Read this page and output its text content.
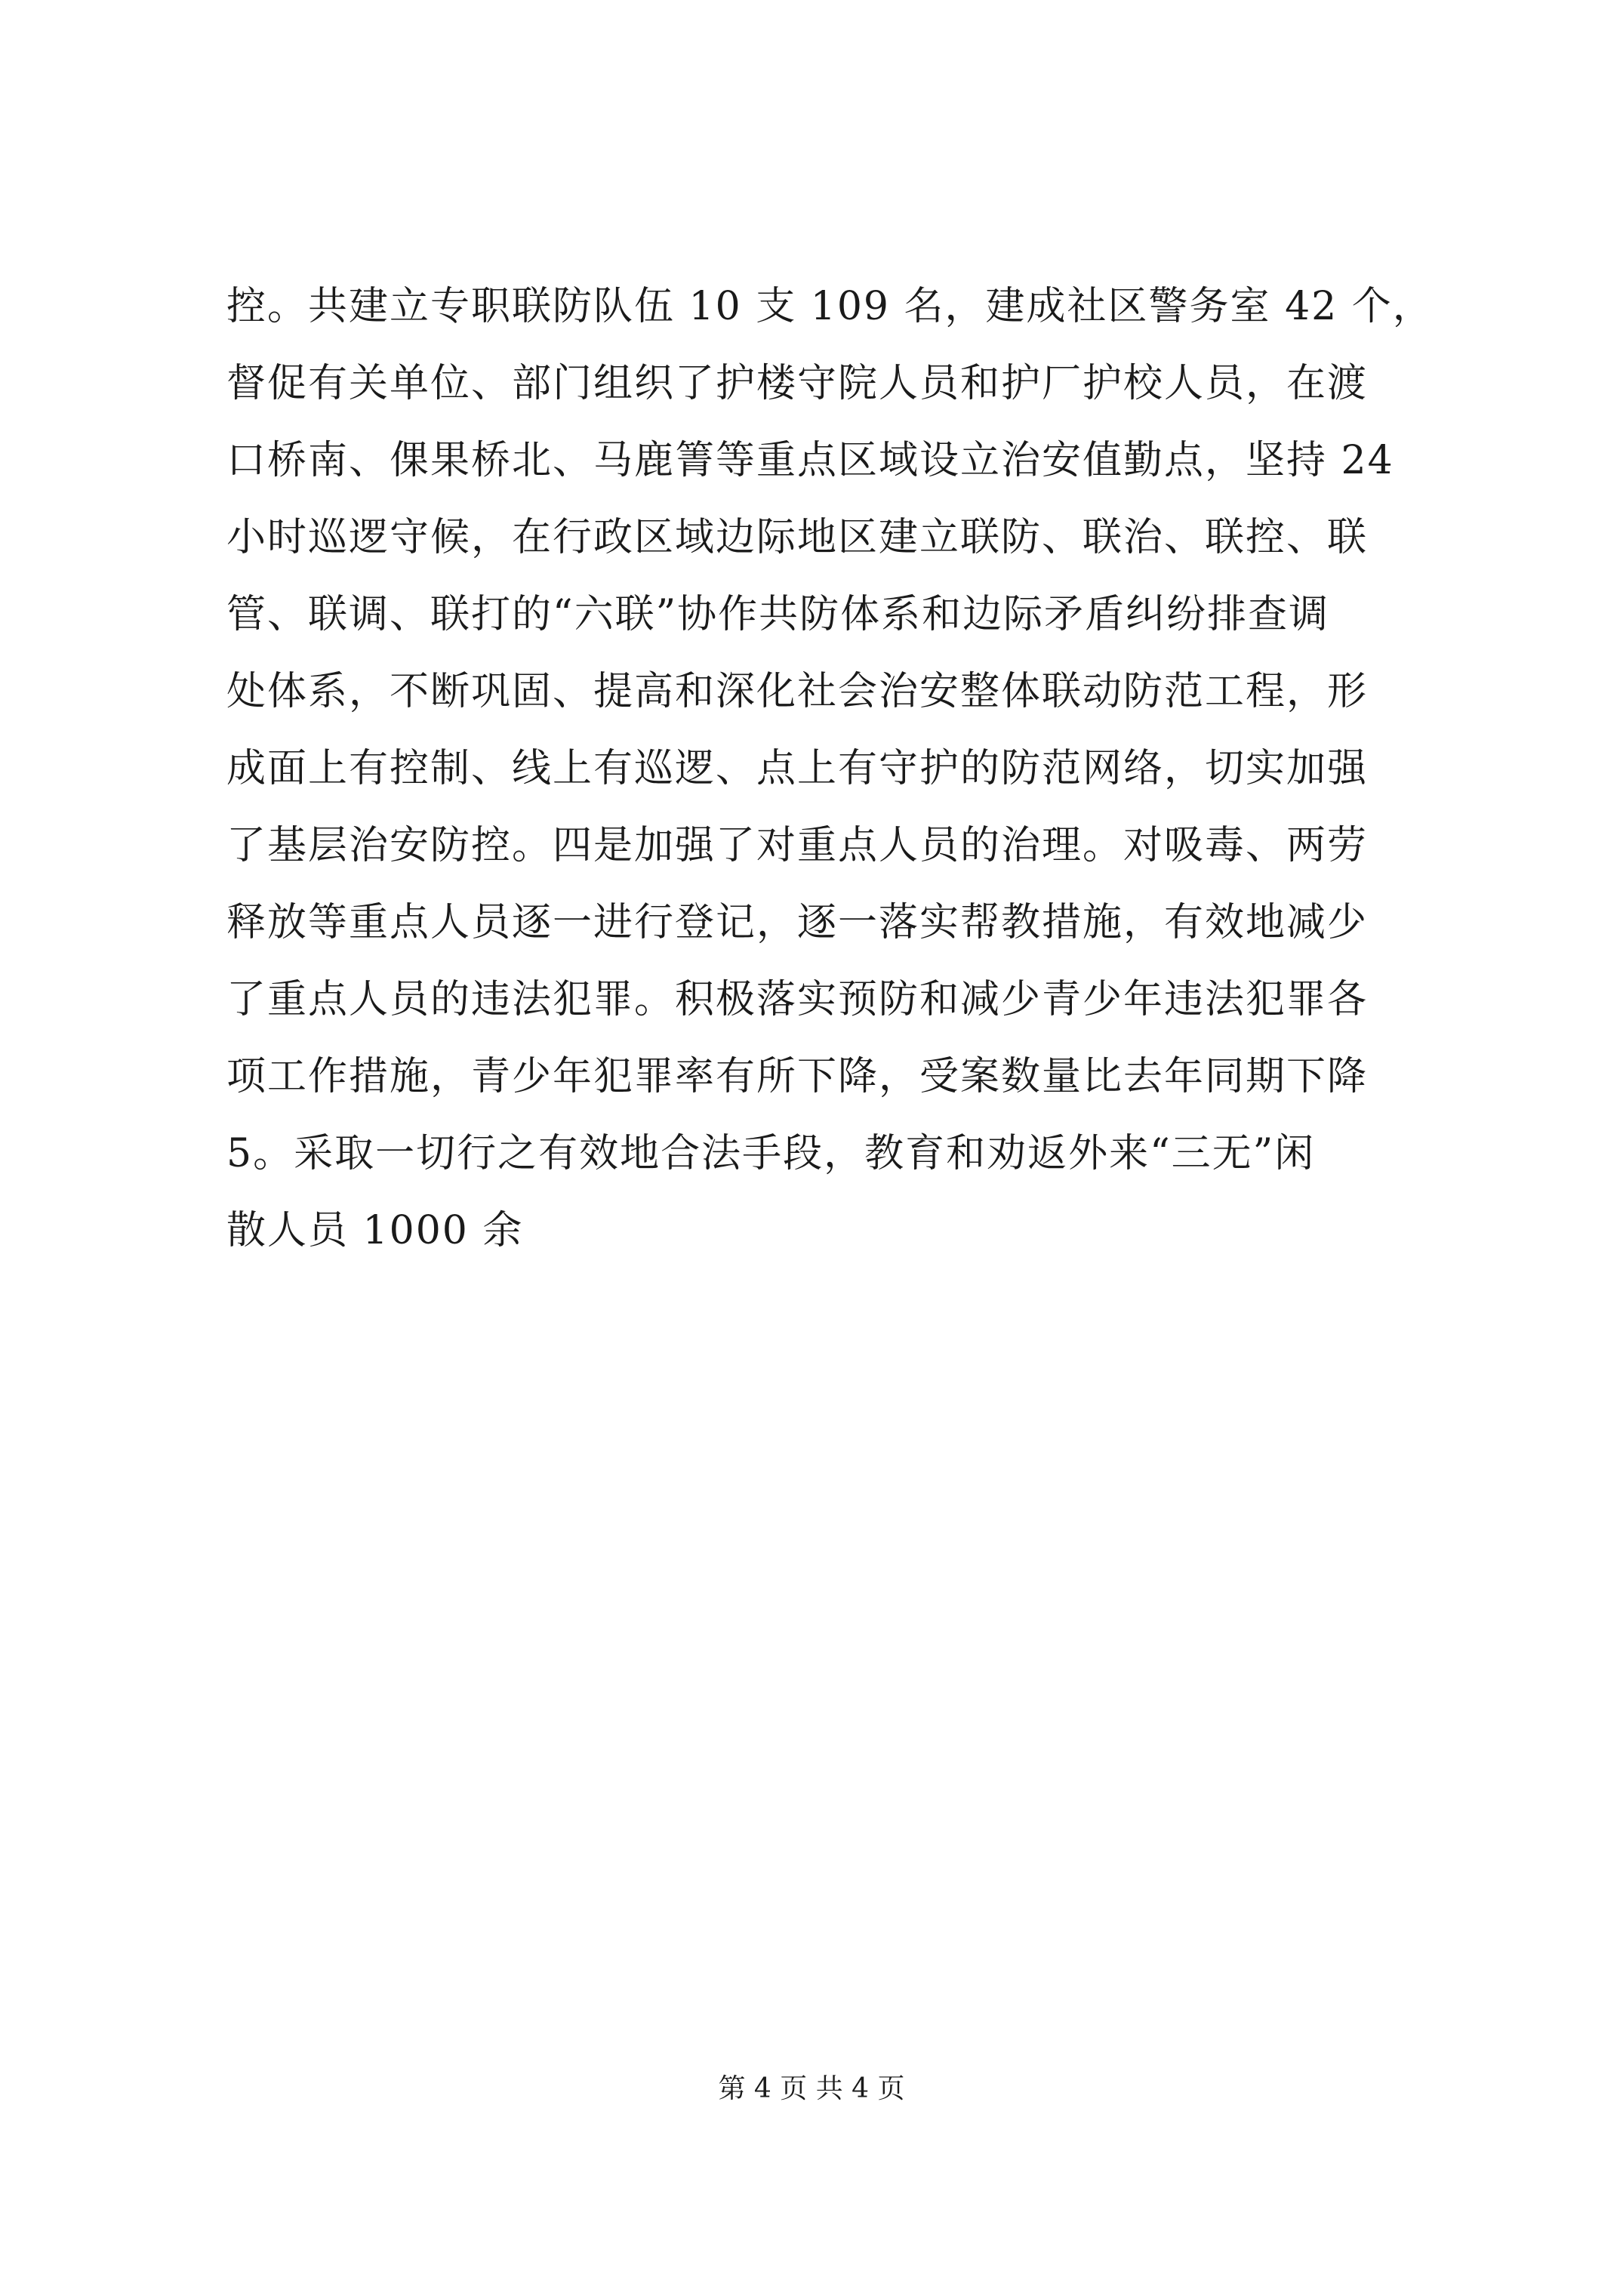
控。共建立专职联防队伍 10 支 109 名，建成社区警务室 42 个，
督促有关单位、部门组织了护楼守院人员和护厂护校人员，在渡
口桥南、倮果桥北、马鹿箐等重点区域设立治安值勤点，坚持 24
小时巡逻守候，在行政区域边际地区建立联防、联治、联控、联
管、联调、联打的“六联”协作共防体系和边际矛盾纠纷排查调
处体系，不断巩固、提高和深化社会治安整体联动防范工程，形
成面上有控制、线上有巡逻、点上有守护的防范网络，切实加强
了基层治安防控。四是加强了对重点人员的治理。对吸毒、两劳
释放等重点人员逐一进行登记，逐一落实帮教措施，有效地减少
了重点人员的违法犯罪。积极落实预防和减少青少年违法犯罪各
项工作措施，青少年犯罪率有所下降，受案数量比去年同期下降
5。采取一切行之有效地合法手段，教育和劝返外来“三无”闲
散人员 1000 余
第 4 页 共 4 页
